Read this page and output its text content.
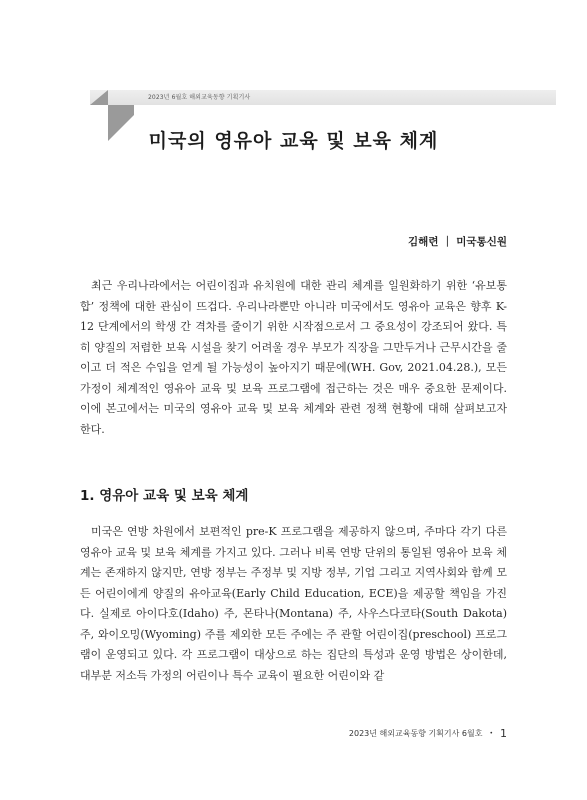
2023년 6월호 해외교육동향 기획기사
미국의 영유아 교육 및 보육 체계
김해련 ｜ 미국통신원

최근 우리나라에서는 어린이집과 유치원에 대한 관리 체계를 일원화하기 위한 ‘유보통합’ 정책에 대한 관심이 뜨겁다. 우리나라뿐만 아니라 미국에서도 영유아 교육은 향후 K-12 단계에서의 학생 간 격차를 줄이기 위한 시작점으로서 그 중요성이 강조되어 왔다. 특히 양질의 저렴한 보육 시설을 찾기 어려울 경우 부모가 직장을 그만두거나 근무시간을 줄이고 더 적은 수입을 얻게 될 가능성이 높아지기 때문에(WH. Gov, 2021.04.28.), 모든 가정이 체계적인 영유아 교육 및 보육 프로그램에 접근하는 것은 매우 중요한 문제이다. 이에 본고에서는 미국의 영유아 교육 및 보육 체계와 관련 정책 현황에 대해 살펴보고자 한다.

1. 영유아 교육 및 보육 체계

미국은 연방 차원에서 보편적인 pre-K 프로그램을 제공하지 않으며, 주마다 각기 다른 영유아 교육 및 보육 체계를 가지고 있다. 그러나 비록 연방 단위의 통일된 영유아 보육 체계는 존재하지 않지만, 연방 정부는 주정부 및 지방 정부, 기업 그리고 지역사회와 함께 모든 어린이에게 양질의 유아교육(Early Child Education, ECE)을 제공할 책임을 가진다. 실제로 아이다호(Idaho) 주, 몬타나(Montana) 주, 사우스다코타(South Dakota) 주, 와이오밍(Wyoming) 주를 제외한 모든 주에는 주 관할 어린이집(preschool) 프로그램이 운영되고 있다. 각 프로그램이 대상으로 하는 집단의 특성과 운영 방법은 상이한데, 대부분 저소득 가정의 어린이나 특수 교육이 필요한 어린이와 같

2023년 해외교육동향 기획기사 6월호 • 1
